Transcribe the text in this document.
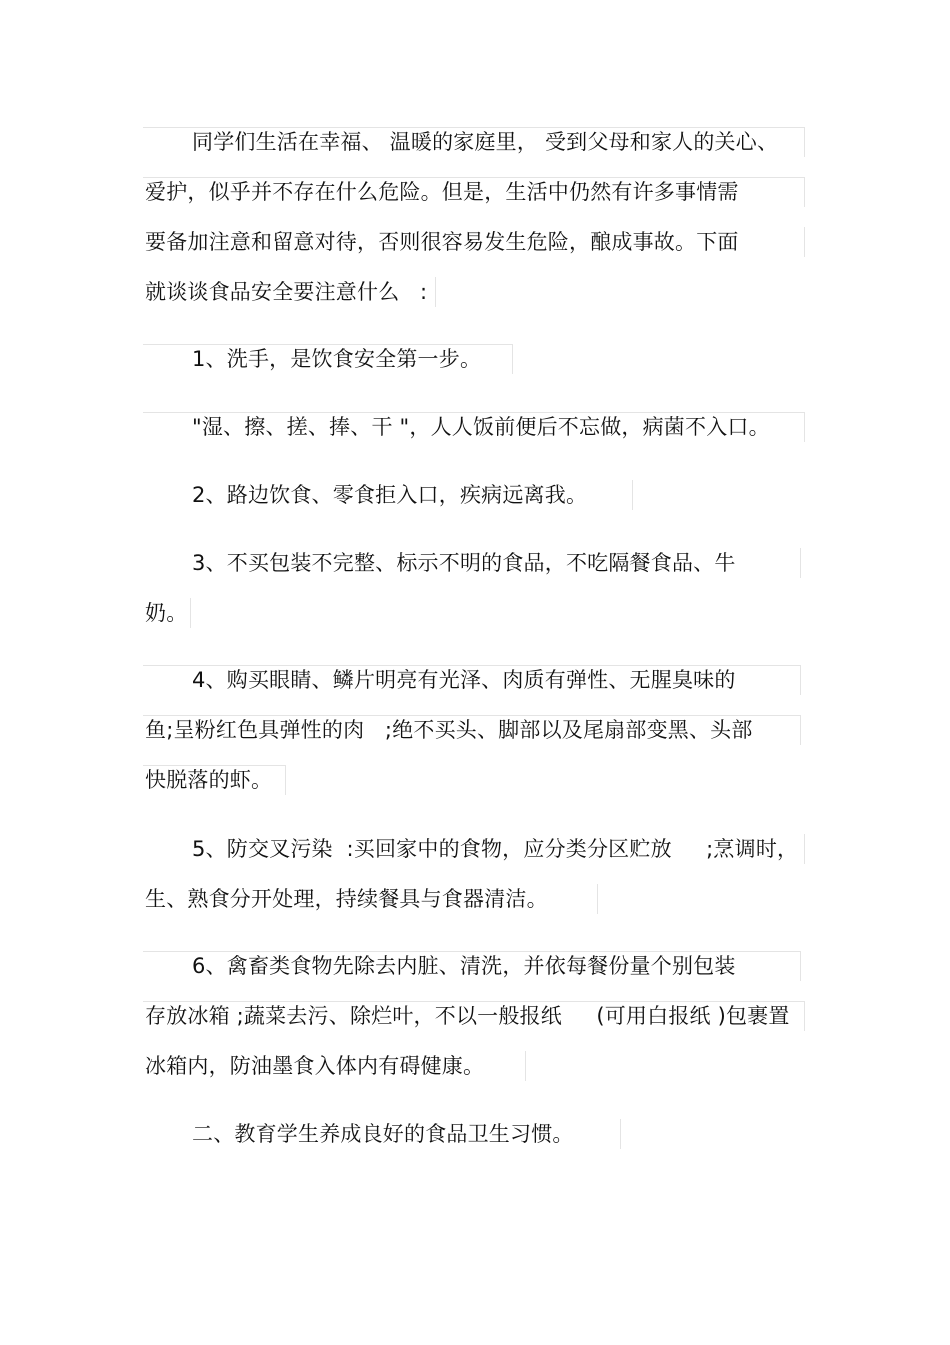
同学们生活在幸福、 温暖的家庭里， 受到父母和家人的关心、
爱护，似乎并不存在什么危险。但是，生活中仍然有许多事情需
要备加注意和留意对待，否则很容易发生危险，酿成事故。下面
就谈谈食品安全要注意什么   :
1、洗手，是饮食安全第一步。
"湿、擦、搓、捧、干 "，人人饭前便后不忘做，病菌不入口。
2、路边饮食、零食拒入口，疾病远离我。
3、不买包装不完整、标示不明的食品，不吃隔餐食品、牛
奶。
4、购买眼睛、鳞片明亮有光泽、肉质有弹性、无腥臭味的
鱼;呈粉红色具弹性的肉   ;绝不买头、脚部以及尾扇部变黑、头部
快脱落的虾。
5、防交叉污染  :买回家中的食物，应分类分区贮放     ;烹调时，
生、熟食分开处理，持续餐具与食器清洁。
6、禽畜类食物先除去内脏、清洗，并依每餐份量个别包装
存放冰箱 ;蔬菜去污、除烂叶，不以一般报纸     (可用白报纸 )包裹置
冰箱内，防油墨食入体内有碍健康。
二、教育学生养成良好的食品卫生习惯。
